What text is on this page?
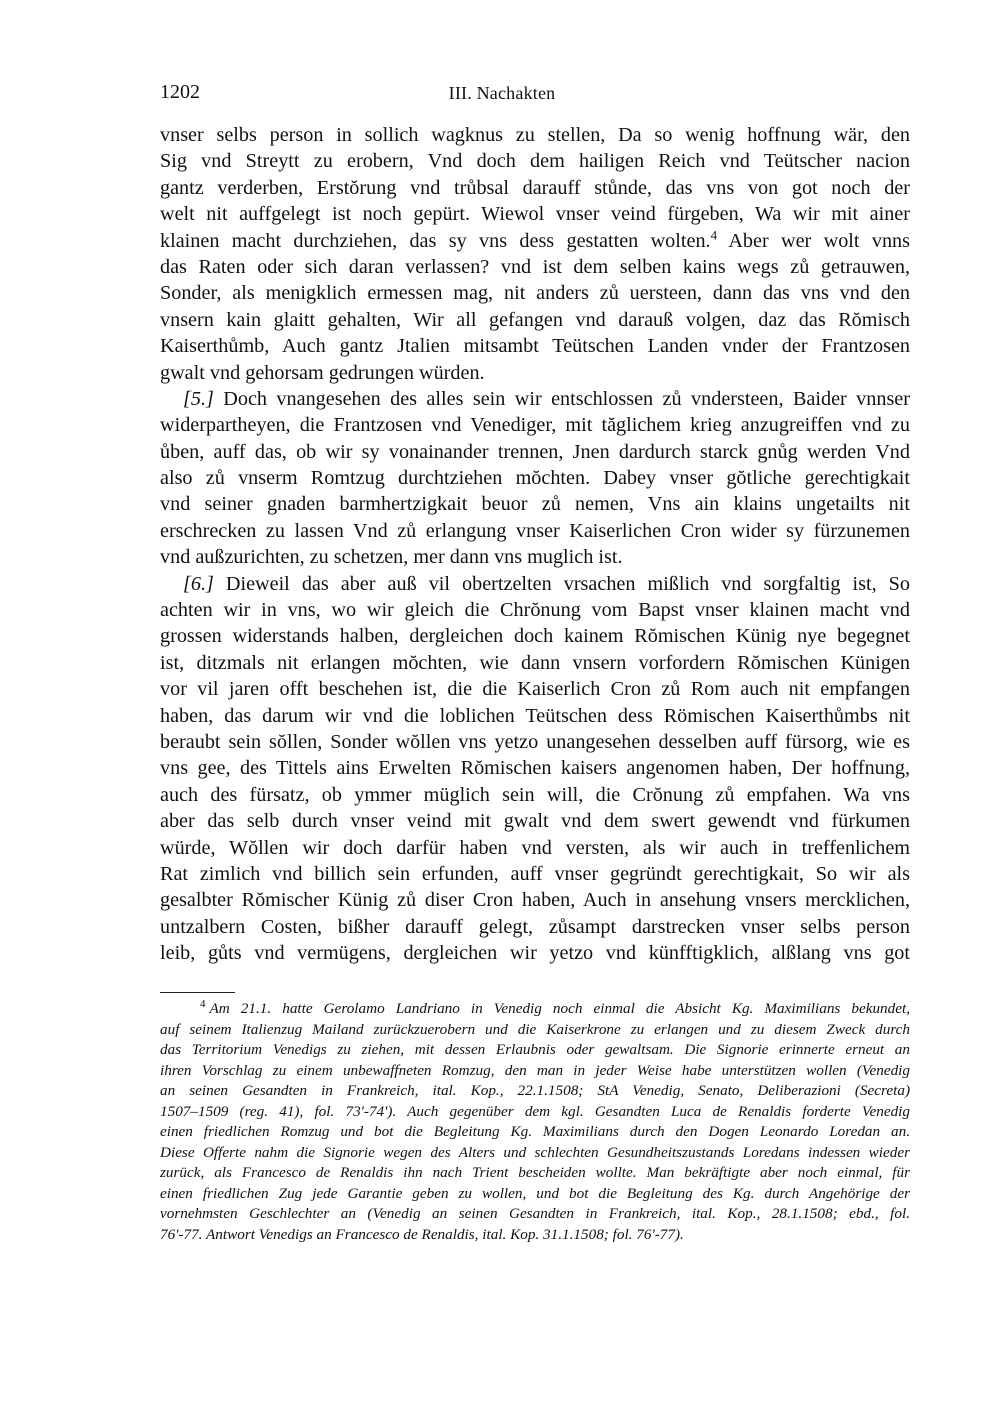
1202	III. Nachakten
vnser selbs person in sollich wagknus zu stellen, Da so wenig hoffnung wär, den
Sig vnd Streytt zu erobern, Vnd doch dem hailigen Reich vnd Teütscher nacion
gantz verderben, Erstŏrung vnd trůbsal darauff stůnde, das vns von got noch der
welt nit auffgelegt ist noch gepürt. Wiewol vnser veind fürgeben, Wa wir mit ainer
klainen macht durchziehen, das sy vns dess gestatten wolten.$^4$ Aber wer wolt vnns
das Raten oder sich daran verlassen? vnd ist dem selben kains wegs zů getrauwen,
Sonder, als menigklich ermessen mag, nit anders zů uersteen, dann das vns vnd den
vnsern kain glaitt gehalten, Wir all gefangen vnd darauß volgen, daz das Rŏmisch
Kaiserthůmb, Auch gantz Jtalien mitsambt Teütschen Landen vnder der Frantzosen
gwalt vnd gehorsam gedrungen würden.
[5.] Doch vnangesehen des alles sein wir entschlossen zů vndersteen, Baider vnnser
widerpartheyen, die Frantzosen vnd Venediger, mit tăglichem krieg anzugreiffen vnd zu
ůben, auff das, ob wir sy vonainander trennen, Jnen dardurch starck gnůg werden Vnd
also zů vnserm Romtzug durchtziehen mŏchten. Dabey vnser gŏtliche gerechtigkait
vnd seiner gnaden barmhertzigkait beuor zů nemen, Vns ain klains ungetailts nit
erschrecken zu lassen Vnd zů erlangung vnser Kaiserlichen Cron wider sy fürzunemen
vnd außzurichten, zu schetzen, mer dann vns muglich ist.
[6.] Dieweil das aber auß vil obertzelten vrsachen mißlich vnd sorgfaltig ist, So
achten wir in vns, wo wir gleich die Chrŏnung vom Bapst vnser klainen macht vnd
grossen widerstands halben, dergleichen doch kainem Rŏmischen Künig nye begegnet
ist, ditzmals nit erlangen mŏchten, wie dann vnsern vorfordern Rŏmischen Künigen
vor vil jaren offt beschehen ist, die die Kaiserlich Cron zů Rom auch nit empfangen
haben, das darum wir vnd die loblichen Teütschen dess Römischen Kaiserthůmbs nit
beraubt sein sŏllen, Sonder wŏllen vns yetzo unangesehen desselben auff fürsorg, wie es
vns gee, des Tittels ains Erwelten Rŏmischen kaisers angenomen haben, Der hoffnung,
auch des fürsatz, ob ymmer müglich sein will, die Crŏnung zů empfahen. Wa vns
aber das selb durch vnser veind mit gwalt vnd dem swert gewendt vnd fürkumen
würde, Wŏllen wir doch darfür haben vnd versten, als wir auch in treffenlichem
Rat zimlich vnd billich sein erfunden, auff vnser gegründt gerechtigkait, So wir als
gesalbter Rŏmischer Künig zů diser Cron haben, Auch in ansehung vnsers mercklichen,
untzalbern Costen, bißher darauff gelegt, zůsampt darstrecken vnser selbs person
leib, gůts vnd vermügens, dergleichen wir yetzo vnd künfftigklich, alßlang vns got
$^4$ Am 21.1. hatte Gerolamo Landriano in Venedig noch einmal die Absicht Kg. Maximilians bekundet,
auf seinem Italienzug Mailand zurückzuerobern und die Kaiserkrone zu erlangen und zu diesem Zweck durch
das Territorium Venedigs zu ziehen, mit dessen Erlaubnis oder gewaltsam. Die Signorie erinnerte erneut an
ihren Vorschlag zu einem unbewaffneten Romzug, den man in jeder Weise habe unterstützen wollen (Venedig
an seinen Gesandten in Frankreich, ital. Kop., 22.1.1508; StA Venedig, Senato, Deliberazioni (Secreta)
1507–1509 (reg. 41), fol. 73'-74'). Auch gegenüber dem kgl. Gesandten Luca de Renaldis forderte Venedig
einen friedlichen Romzug und bot die Begleitung Kg. Maximilians durch den Dogen Leonardo Loredan an.
Diese Offerte nahm die Signorie wegen des Alters und schlechten Gesundheitszustands Loredans indessen wieder
zurück, als Francesco de Renaldis ihn nach Trient bescheiden wollte. Man bekräftigte aber noch einmal, für
einen friedlichen Zug jede Garantie geben zu wollen, und bot die Begleitung des Kg. durch Angehörige der
vornehmsten Geschlechter an (Venedig an seinen Gesandten in Frankreich, ital. Kop., 28.1.1508; ebd., fol.
76'-77. Antwort Venedigs an Francesco de Renaldis, ital. Kop. 31.1.1508; fol. 76'-77).
